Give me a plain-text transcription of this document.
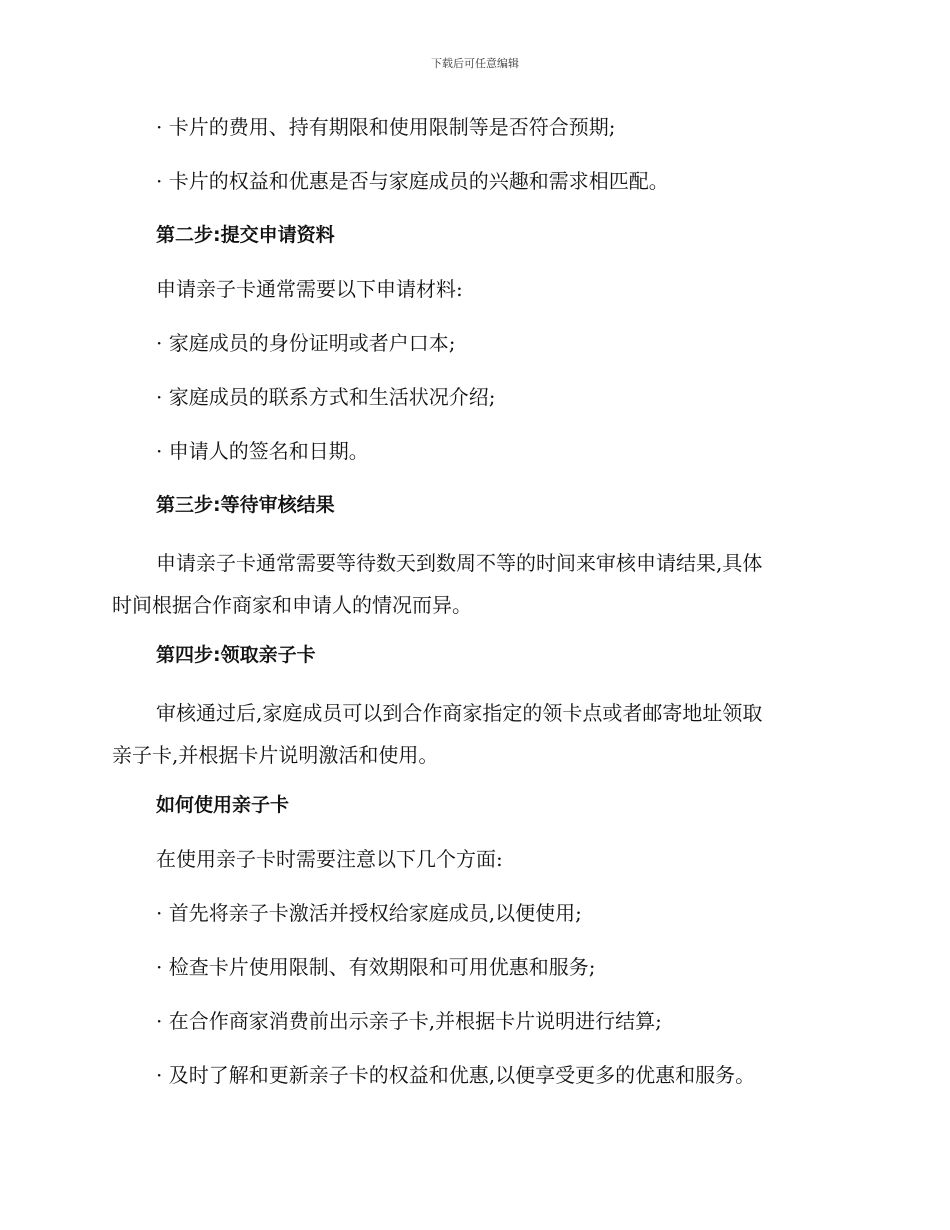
下载后可任意编辑
· 卡片的费用、持有期限和使用限制等是否符合预期;
· 卡片的权益和优惠是否与家庭成员的兴趣和需求相匹配。
第二步:提交申请资料
申请亲子卡通常需要以下申请材料:
· 家庭成员的身份证明或者户口本;
· 家庭成员的联系方式和生活状况介绍;
· 申请人的签名和日期。
第三步:等待审核结果
申请亲子卡通常需要等待数天到数周不等的时间来审核申请结果,具体
时间根据合作商家和申请人的情况而异。
第四步:领取亲子卡
审核通过后,家庭成员可以到合作商家指定的领卡点或者邮寄地址领取
亲子卡,并根据卡片说明激活和使用。
如何使用亲子卡
在使用亲子卡时需要注意以下几个方面:
· 首先将亲子卡激活并授权给家庭成员,以便使用;
· 检查卡片使用限制、有效期限和可用优惠和服务;
· 在合作商家消费前出示亲子卡,并根据卡片说明进行结算;
· 及时了解和更新亲子卡的权益和优惠,以便享受更多的优惠和服务。
